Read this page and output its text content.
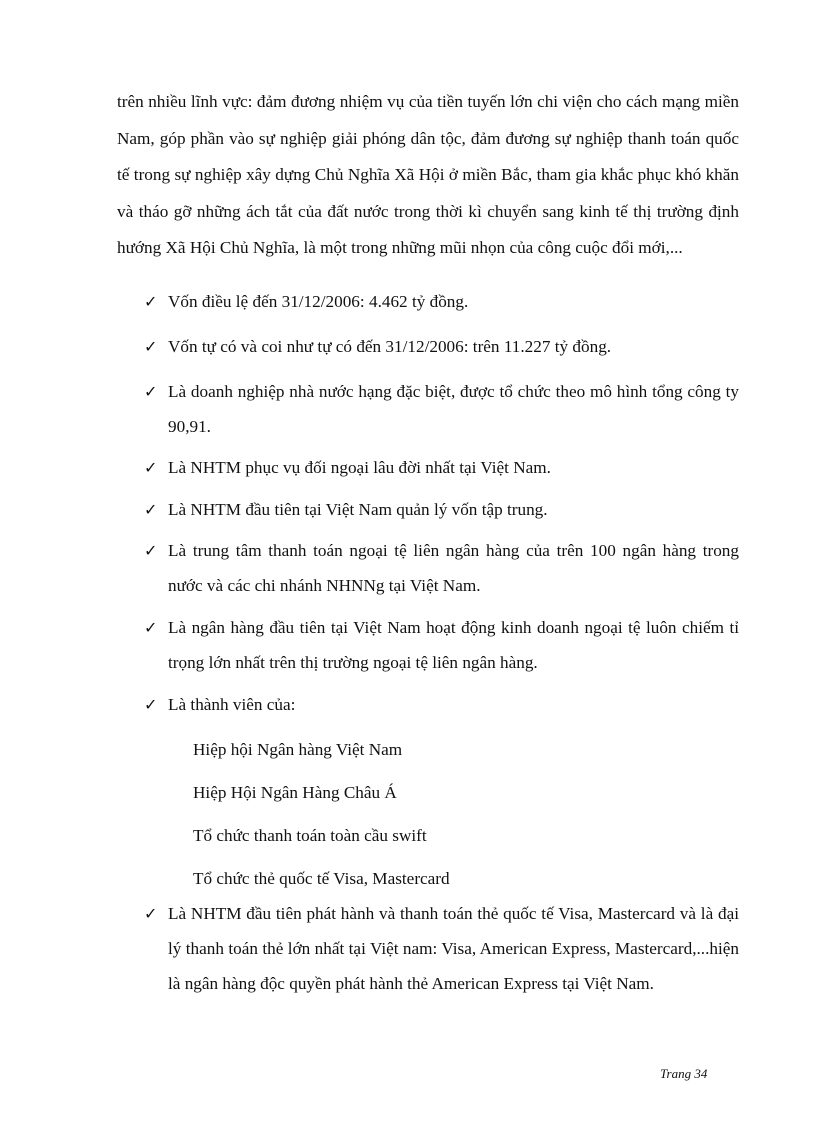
trên nhiều lĩnh vực: đảm đương nhiệm vụ của tiền tuyến lớn chi viện cho cách mạng miền Nam, góp phần vào sự nghiệp giải phóng dân tộc, đảm đương sự nghiệp thanh toán quốc tế trong sự nghiệp xây dựng Chủ Nghĩa Xã Hội ở miền Bắc, tham gia khắc phục khó khăn và tháo gỡ những ách tắt của đất nước trong thời kì chuyển sang kinh tế thị trường định hướng Xã Hội Chủ Nghĩa, là một trong những mũi nhọn của công cuộc đổi mới,...

✓ Vốn điều lệ đến 31/12/2006: 4.462 tỷ đồng.
✓ Vốn tự có và coi như tự có đến 31/12/2006: trên 11.227 tỷ đồng.
✓ Là doanh nghiệp nhà nước hạng đặc biệt, được tổ chức theo mô hình tổng công ty 90,91.
✓ Là NHTM phục vụ đối ngoại lâu đời nhất tại Việt Nam.
✓ Là NHTM đầu tiên tại Việt Nam quản lý vốn tập trung.
✓ Là trung tâm thanh toán ngoại tệ liên ngân hàng của trên 100 ngân hàng trong nước và các chi nhánh NHNNg tại Việt Nam.
✓ Là ngân hàng đầu tiên tại Việt Nam hoạt động kinh doanh ngoại tệ luôn chiếm tỉ trọng lớn nhất trên thị trường ngoại tệ liên ngân hàng.
✓ Là thành viên của:
Hiệp hội Ngân hàng Việt Nam
Hiệp Hội Ngân Hàng Châu Á
Tổ chức thanh toán toàn cầu swift
Tổ chức thẻ quốc tế Visa, Mastercard
✓ Là NHTM đầu tiên phát hành và thanh toán thẻ quốc tế Visa, Mastercard và là đại lý thanh toán thẻ lớn nhất tại Việt nam: Visa, American Express, Mastercard,...hiện là ngân hàng độc quyền phát hành thẻ American Express tại Việt Nam.
Trang 34
